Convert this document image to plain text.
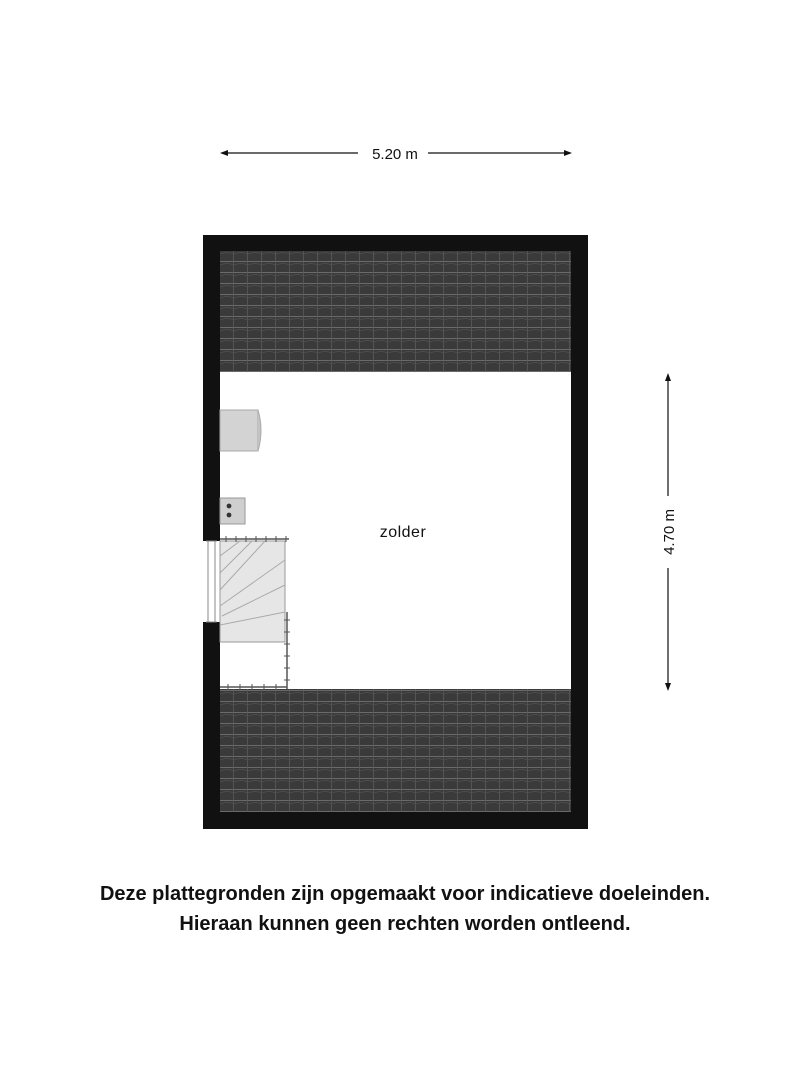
5.20 m
4.70 m
zolder
Deze plattegronden zijn opgemaakt voor indicatieve doeleinden.
Hieraan kunnen geen rechten worden ontleend.
